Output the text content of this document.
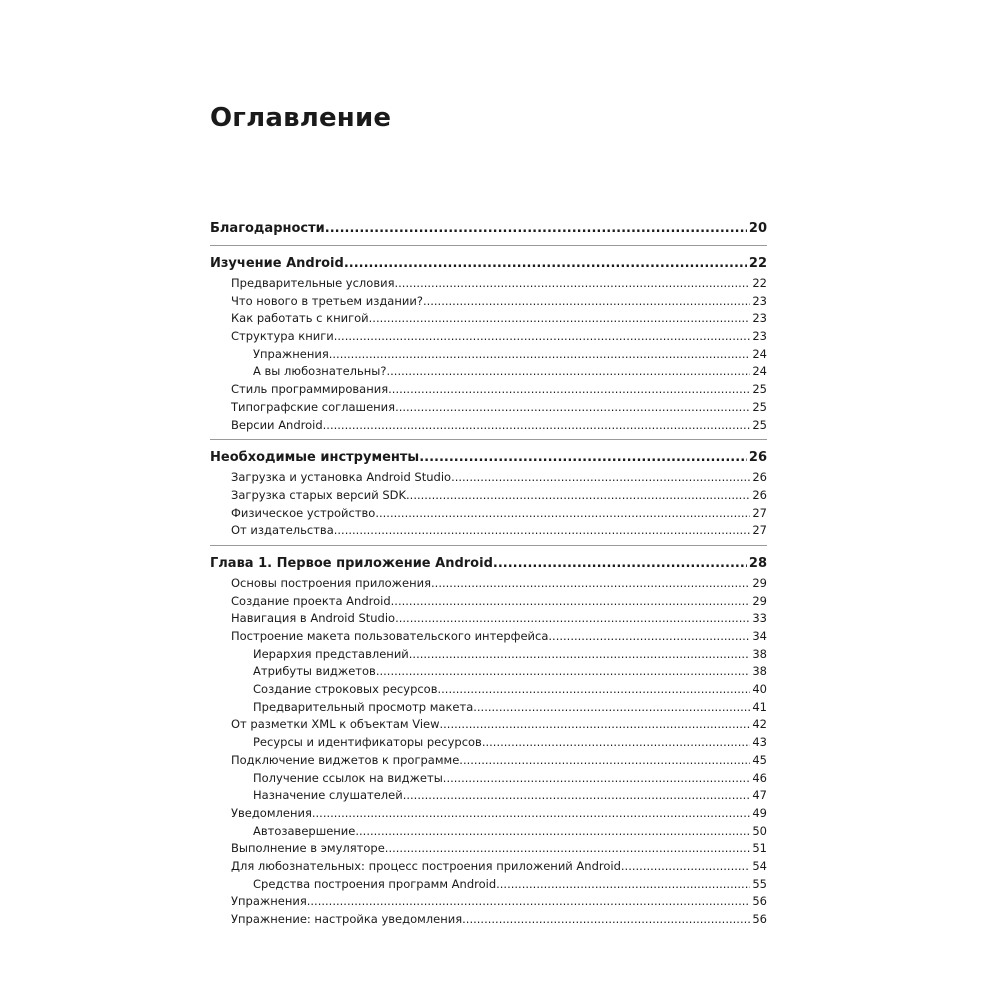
Оглавление
Благодарности .....	20
Изучение Android .....	22
Предварительные условия .....	22
Что нового в третьем издании? .....	23
Как работать с книгой .....	23
Структура книги .....	23
Упражнения .....	24
А вы любознательны? .....	24
Стиль программирования .....	25
Типографские соглашения .....	25
Версии Android .....	25
Необходимые инструменты .....	26
Загрузка и установка Android Studio .....	26
Загрузка старых версий SDK .....	26
Физическое устройство .....	27
От издательства .....	27
Глава 1. Первое приложение Android .....	28
Основы построения приложения .....	29
Создание проекта Android .....	29
Навигация в Android Studio .....	33
Построение макета пользовательского интерфейса .....	34
Иерархия представлений .....	38
Атрибуты виджетов .....	38
Создание строковых ресурсов .....	40
Предварительный просмотр макета .....	41
От разметки XML к объектам View .....	42
Ресурсы и идентификаторы ресурсов .....	43
Подключение виджетов к программе .....	45
Получение ссылок на виджеты .....	46
Назначение слушателей .....	47
Уведомления .....	49
Автозавершение .....	50
Выполнение в эмуляторе .....	51
Для любознательных: процесс построения приложений Android .....	54
Средства построения программ Android .....	55
Упражнения .....	56
Упражнение: настройка уведомления .....	56
